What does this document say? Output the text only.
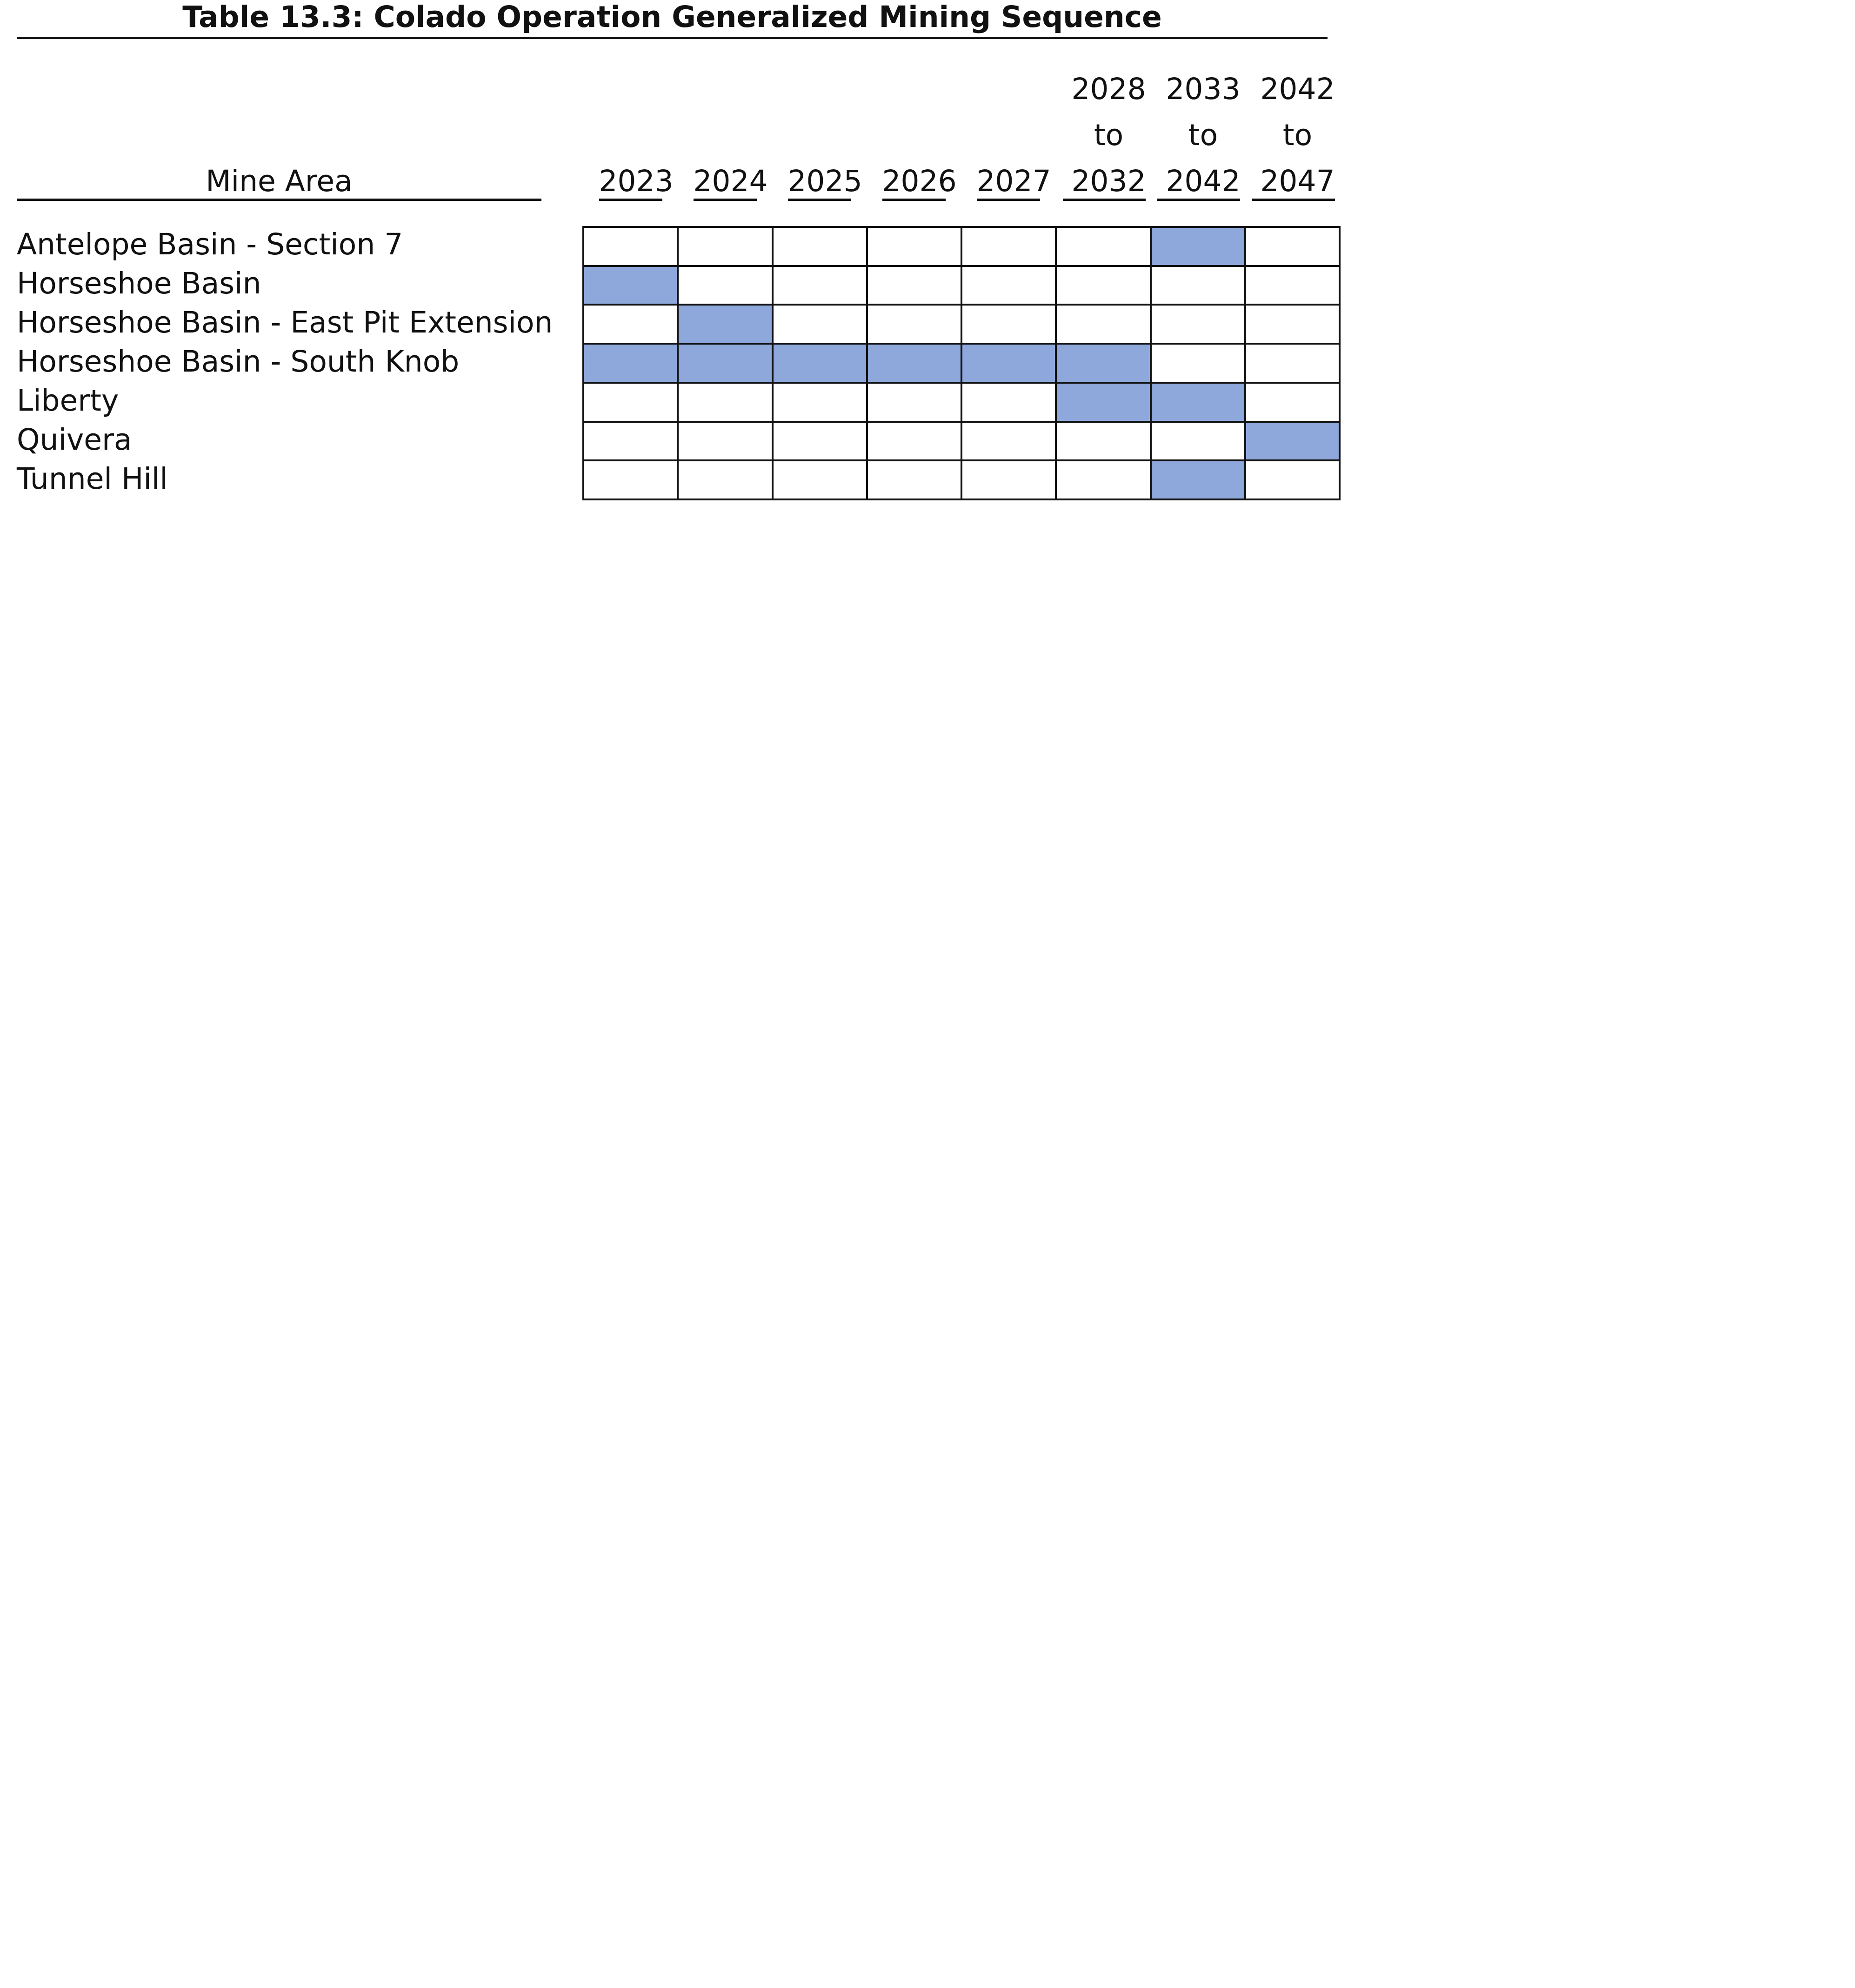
Table 13.3: Colado Operation Generalized Mining Sequence
Mine Area	2023 2024 2025 2026 2027
2028
to
2032
2033
to
2042
2042
to
2047
Antelope Basin - Section 7
Horseshoe Basin
Horseshoe Basin - East Pit Extension
Horseshoe Basin - South Knob
Liberty
Quivera
Tunnel Hill
